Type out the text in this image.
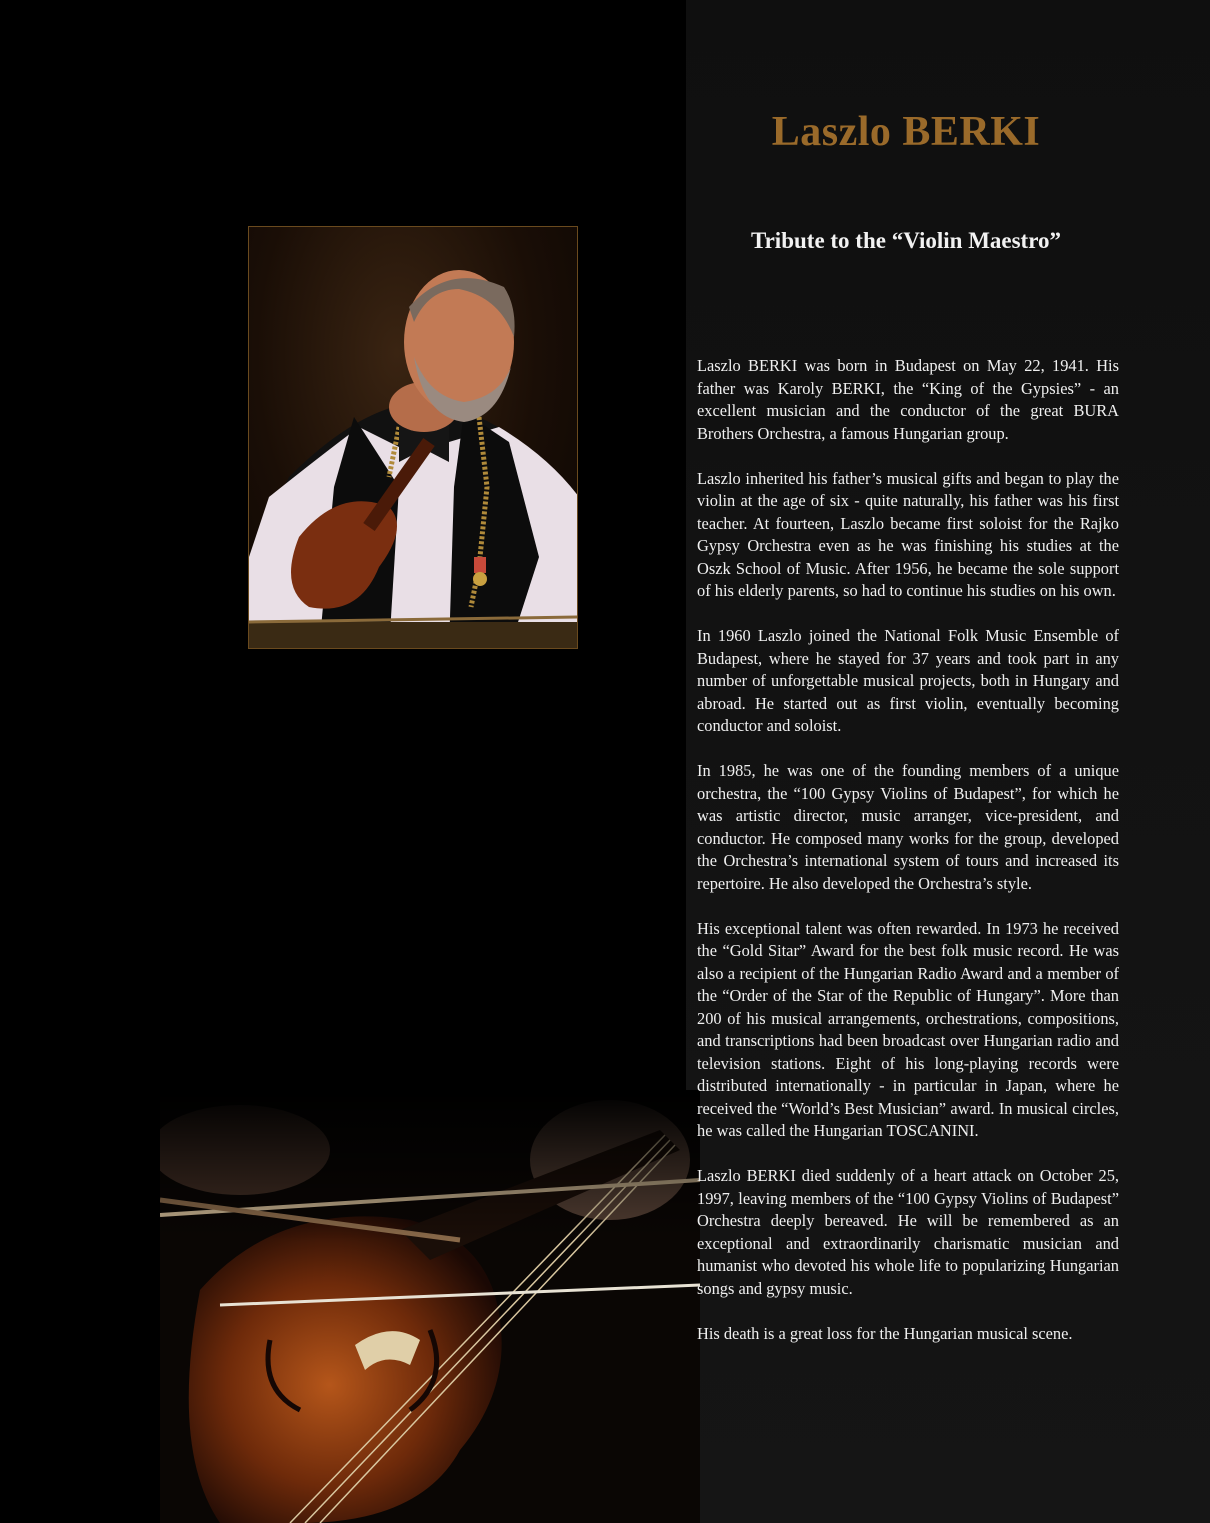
Laszlo BERKI
Tribute to the “Violin Maestro”

Laszlo BERKI was born in Budapest on May 22, 1941. His father was Karoly BERKI, the “King of the Gypsies” - an excellent musician and the conductor of the great BURA Brothers Orchestra, a famous Hungarian group.

Laszlo inherited his father’s musical gifts and began to play the violin at the age of six - quite naturally, his father was his first teacher. At fourteen, Laszlo became first soloist for the Rajko Gypsy Orchestra even as he was finishing his studies at the Oszk School of Music. After 1956, he became the sole support of his elderly parents, so had to continue his studies on his own.

In 1960 Laszlo joined the National Folk Music Ensemble of Budapest, where he stayed for 37 years and took part in any number of unforgettable musical projects, both in Hungary and abroad. He started out as first violin, eventually becoming conductor and soloist.

In 1985, he was one of the founding members of a unique orchestra, the “100 Gypsy Violins of Budapest”, for which he was artistic director, music arranger, vice-president, and conductor. He composed many works for the group, developed the Orchestra’s international system of tours and increased its repertoire. He also developed the Orchestra’s style.

His exceptional talent was often rewarded. In 1973 he received the “Gold Sitar” Award for the best folk music record. He was also a recipient of the Hungarian Radio Award and a member of the “Order of the Star of the Republic of Hungary”. More than 200 of his musical arrangements, orchestrations, compositions, and transcriptions had been broadcast over Hungarian radio and television stations. Eight of his long-playing records were distributed internationally - in particular in Japan, where he received the “World’s Best Musician” award. In musical circles, he was called the Hungarian TOSCANINI.

Laszlo BERKI died suddenly of a heart attack on October 25, 1997, leaving members of the “100 Gypsy Violins of Budapest” Orchestra deeply bereaved. He will be remembered as an exceptional and extraordinarily charismatic musician and humanist who devoted his whole life to popularizing Hungarian songs and gypsy music.

His death is a great loss for the Hungarian musical scene.
